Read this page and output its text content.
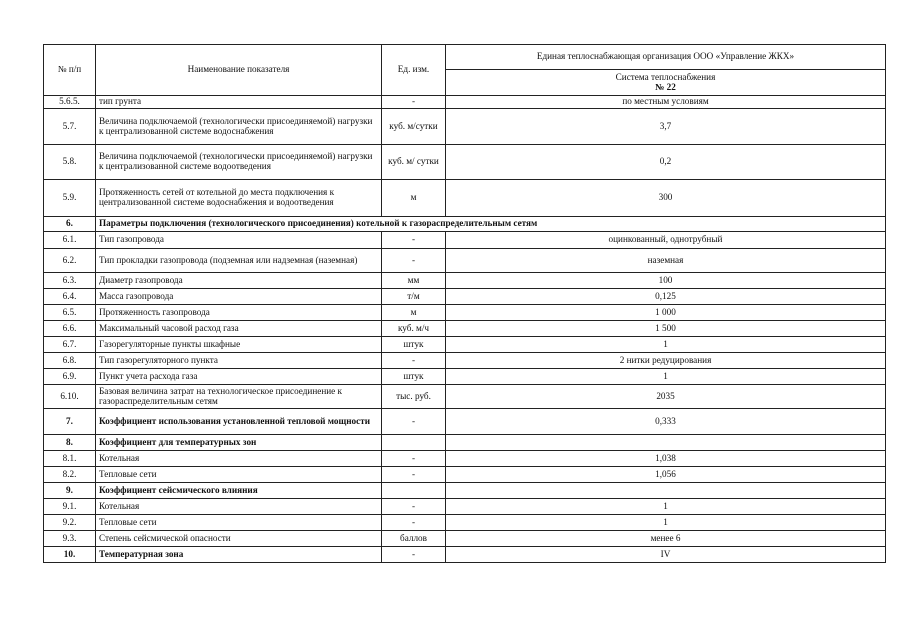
№ п/п	Наименование показателя	Ед. изм.	Единая теплоснабжающая организация ООО «Управление ЖКХ»
			Система теплоснабжения
№ 22
5.6.5.	тип грунта	-	по местным условиям
5.7.	Величина подключаемой (технологически присоединяемой) нагрузки к централизованной системе водоснабжения	куб. м/сутки	3,7
5.8.	Величина подключаемой (технологически присоединяемой) нагрузки к централизованной системе водоотведения	куб. м/ сутки	0,2
5.9.	Протяженность сетей от котельной до места подключения к централизованной системе водоснабжения и водоотведения	м	300
6.	Параметры подключения (технологического присоединения) котельной к газораспределительным сетям		
6.1.	Тип газопровода	-	оцинкованный, однотрубный
6.2.	Тип прокладки газопровода (подземная или надземная (наземная)	-	наземная
6.3.	Диаметр газопровода	мм	100
6.4.	Масса газопровода	т/м	0,125
6.5.	Протяженность газопровода	м	1 000
6.6.	Максимальный часовой расход газа	куб. м/ч	1 500
6.7.	Газорегуляторные пункты шкафные	штук	1
6.8.	Тип газорегуляторного пункта	-	2 нитки редуцирования
6.9.	Пункт учета расхода газа	штук	1
6.10.	Базовая величина затрат на технологическое присоединение к газораспределительным сетям	тыс. руб.	2035
7.	Коэффициент использования установленной тепловой мощности	-	0,333
8.	Коэффициент для температурных зон		
8.1.	Котельная	-	1,038
8.2.	Тепловые сети	-	1,056
9.	Коэффициент сейсмического влияния		
9.1.	Котельная	-	1
9.2.	Тепловые сети	-	1
9.3.	Степень сейсмической опасности	баллов	менее 6
10.	Температурная зона	-	IV
